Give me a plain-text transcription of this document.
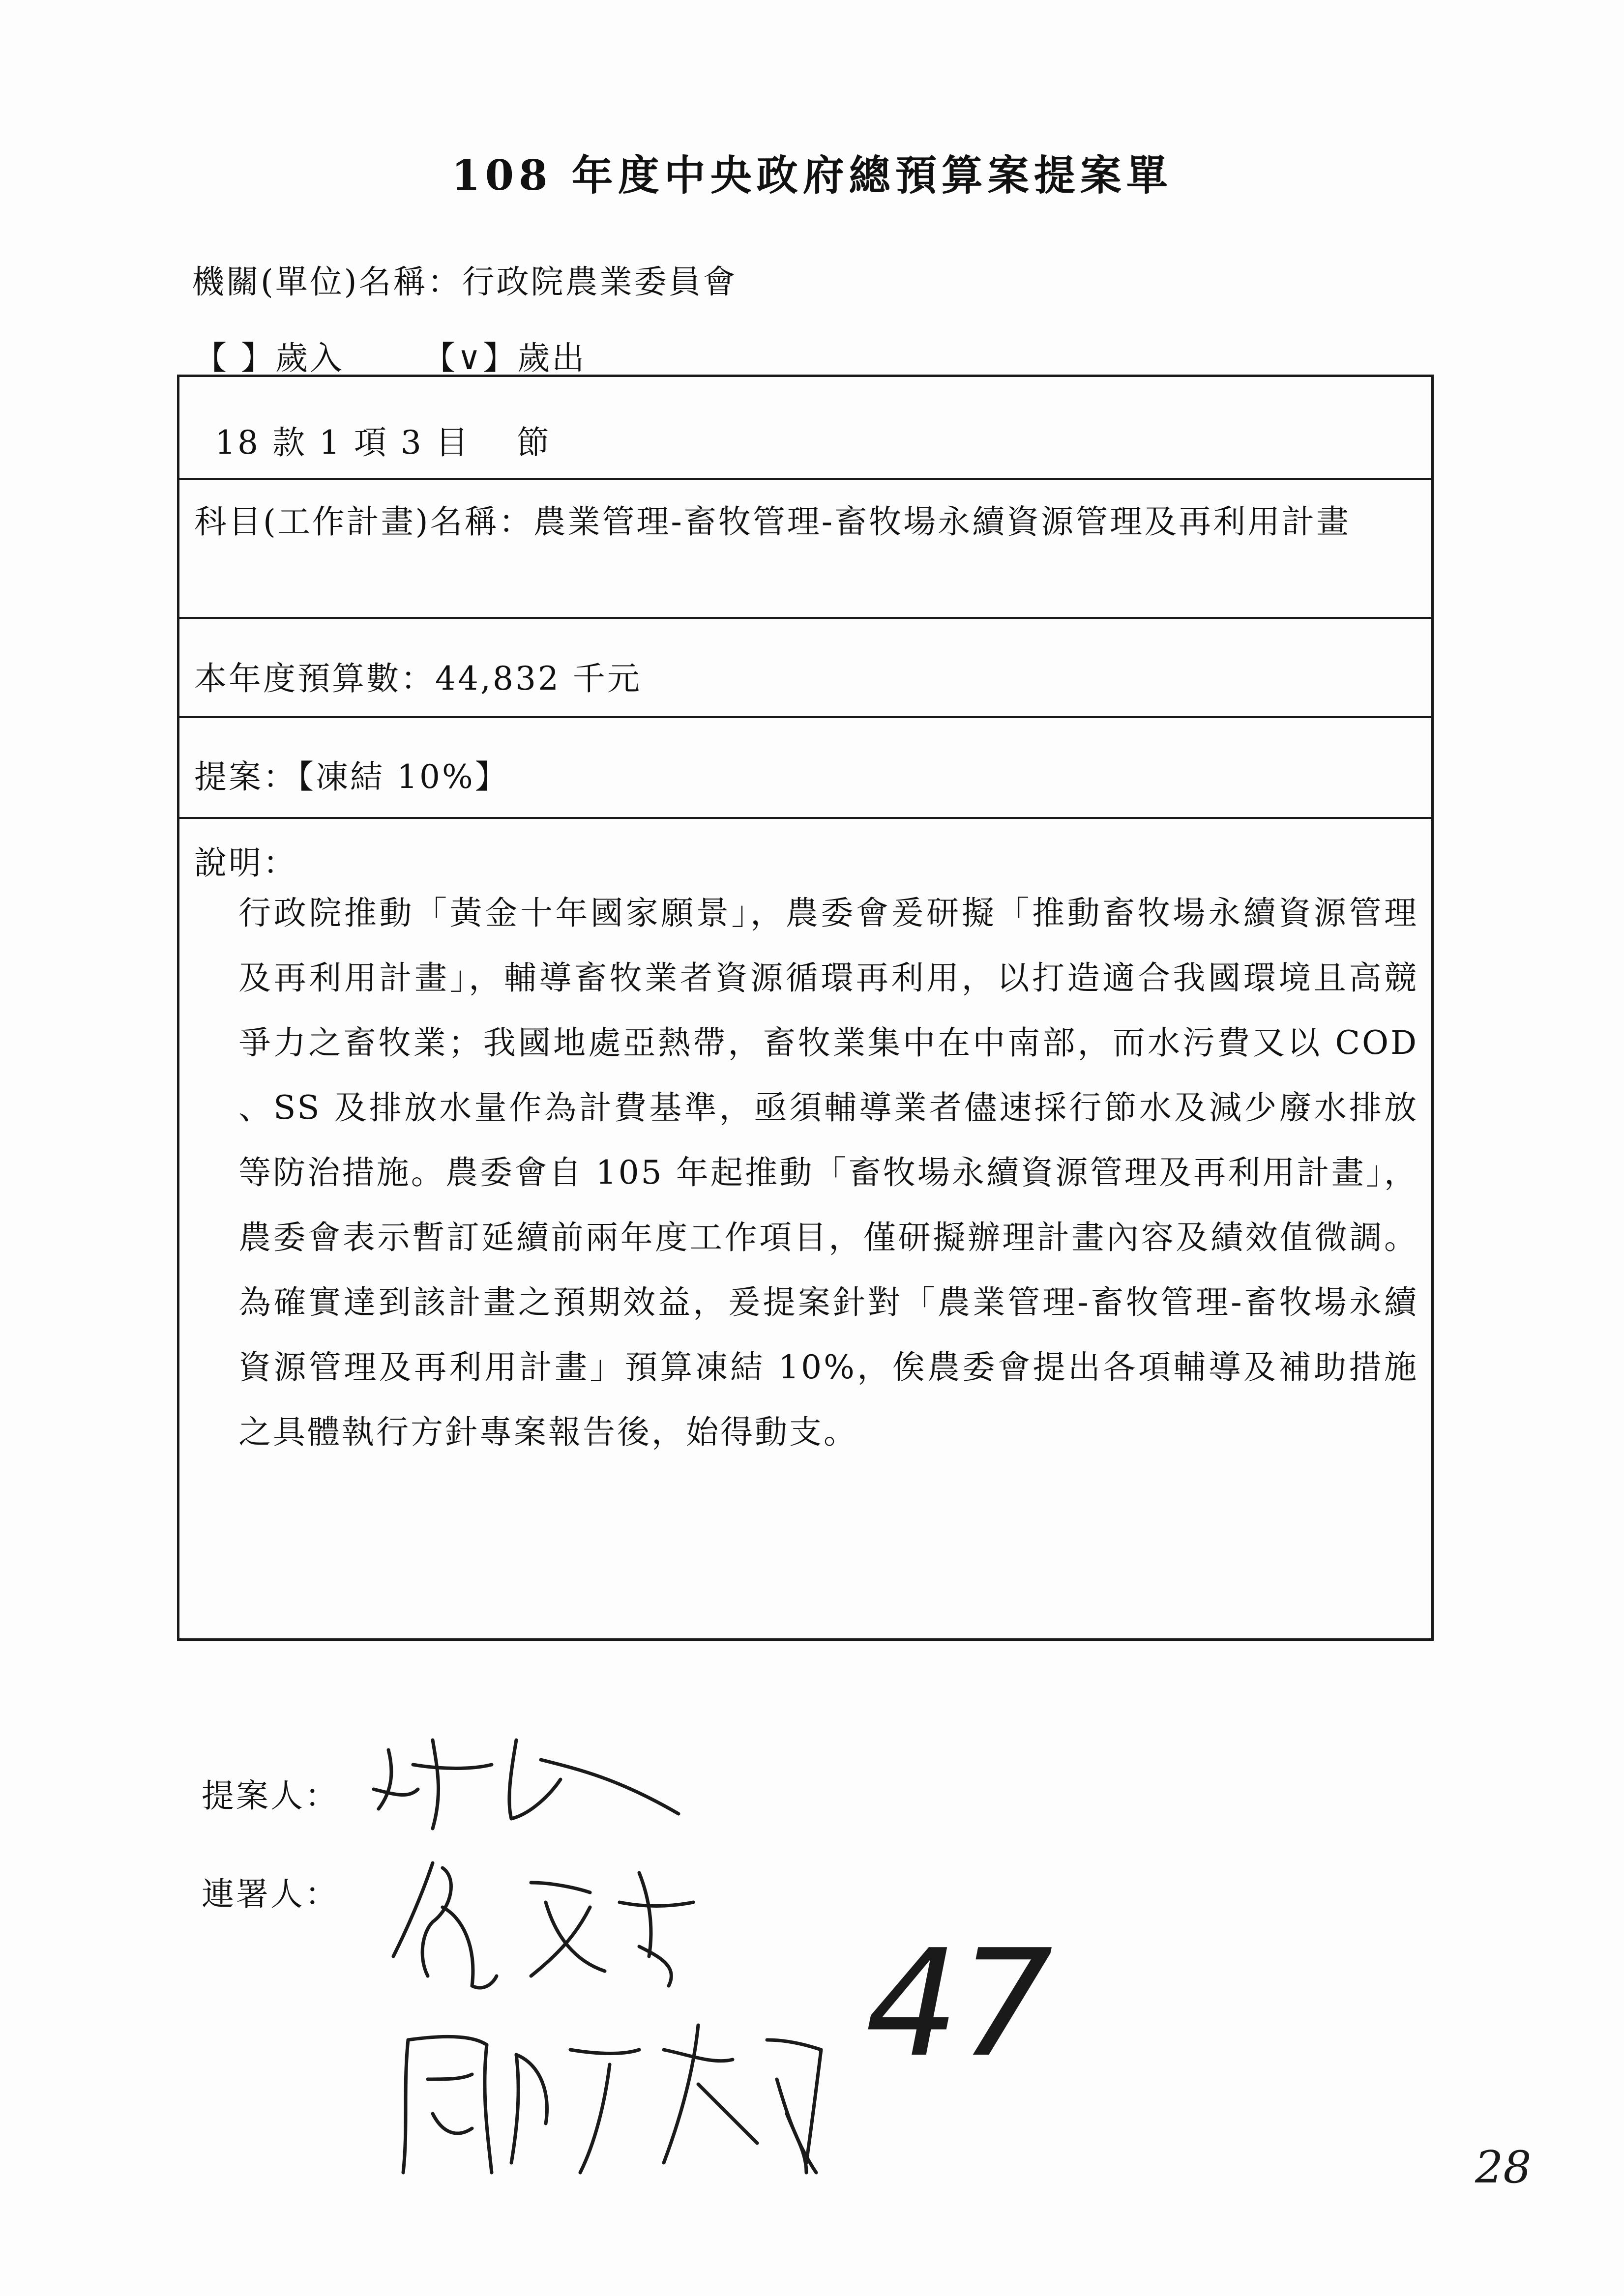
108 年度中央政府總預算案提案單
機關(單位)名稱：行政院農業委員會
【 】歲入 【∨】歲出
18 款 1 項 3 目　 節
科目(工作計畫)名稱：農業管理-畜牧管理-畜牧場永續資源管理及再利用計畫
本年度預算數：44,832 千元
提案：【凍結 10%】
說明：
行政院推動「黃金十年國家願景」，農委會爰研擬「推動畜牧場永續資源管理及再利用計畫」，輔導畜牧業者資源循環再利用，以打造適合我國環境且高競爭力之畜牧業；我國地處亞熱帶，畜牧業集中在中南部，而水污費又以 COD 、SS 及排放水量作為計費基準，亟須輔導業者儘速採行節水及減少廢水排放等防治措施。農委會自 105 年起推動「畜牧場永續資源管理及再利用計畫」，農委會表示暫訂延續前兩年度工作項目，僅研擬辦理計畫內容及績效值微調。為確實達到該計畫之預期效益，爰提案針對「農業管理-畜牧管理-畜牧場永續資源管理及再利用計畫」預算凍結 10%，俟農委會提出各項輔導及補助措施之具體執行方針專案報告後，始得動支。
提案人：
連署人：
47
28
